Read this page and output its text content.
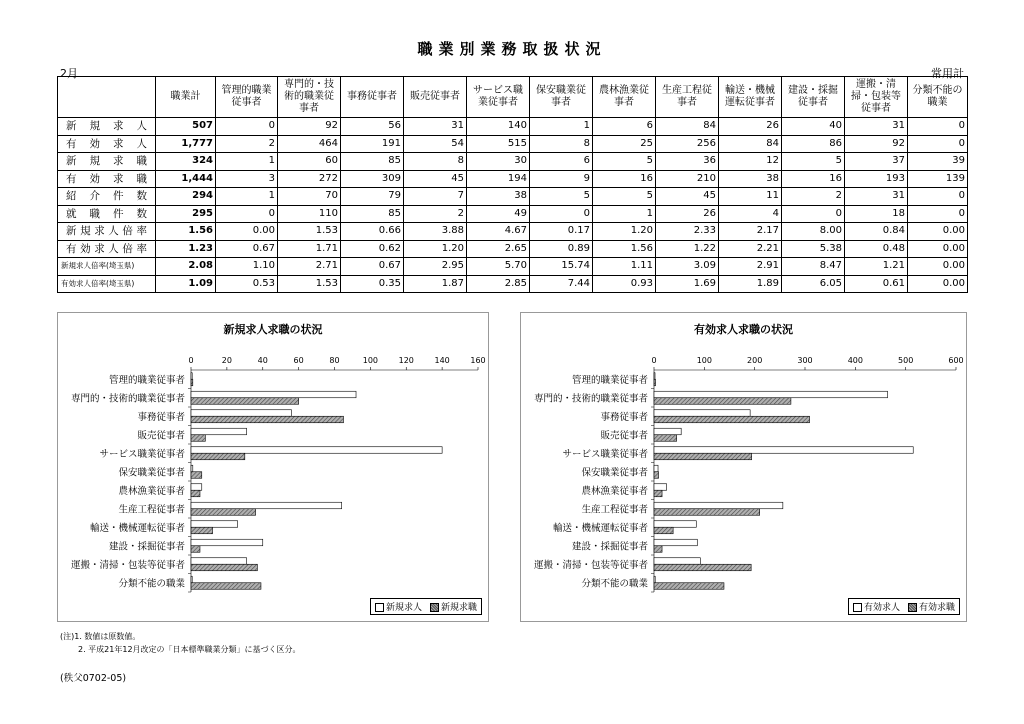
職業別業務取扱状況
2月	常用計
	職業計	管理的職業従事者	専門的・技術的職業従事者	事務従事者	販売従事者	サービス職業従事者	保安職業従事者	農林漁業従事者	生産工程従事者	輸送・機械運転従事者	建設・採掘従事者	運搬・清掃・包装等従事者	分類不能の職業
新規求人	507	0	92	56	31	140	1	6	84	26	40	31	0
有効求人	1,777	2	464	191	54	515	8	25	256	84	86	92	0
新規求職	324	1	60	85	8	30	6	5	36	12	5	37	39
有効求職	1,444	3	272	309	45	194	9	16	210	38	16	193	139
紹介件数	294	1	70	79	7	38	5	5	45	11	2	31	0
就職件数	295	0	110	85	2	49	0	1	26	4	0	18	0
新規求人倍率	1.56	0.00	1.53	0.66	3.88	4.67	0.17	1.20	2.33	2.17	8.00	0.84	0.00
有効求人倍率	1.23	0.67	1.71	0.62	1.20	2.65	0.89	1.56	1.22	2.21	5.38	0.48	0.00
新規求人倍率(埼玉県)	2.08	1.10	2.71	0.67	2.95	5.70	15.74	1.11	3.09	2.91	8.47	1.21	0.00
有効求人倍率(埼玉県)	1.09	0.53	1.53	0.35	1.87	2.85	7.44	0.93	1.69	1.89	6.05	0.61	0.00
新規求人求職の状況
0	20	40	60	80	100	120	140	160
管理的職業従事者
専門的・技術的職業従事者
事務従事者
販売従事者
サービス職業従事者
保安職業従事者
農林漁業従事者
生産工程従事者
輸送・機械運転従事者
建設・採掘従事者
運搬・清掃・包装等従事者
分類不能の職業
新規求人	新規求職
有効求人求職の状況
0	100	200	300	400	500	600
管理的職業従事者
専門的・技術的職業従事者
事務従事者
販売従事者
サービス職業従事者
保安職業従事者
農林漁業従事者
生産工程従事者
輸送・機械運転従事者
建設・採掘従事者
運搬・清掃・包装等従事者
分類不能の職業
有効求人	有効求職
(注)1. 数値は原数値。
2. 平成21年12月改定の「日本標準職業分類」に基づく区分。
(秩父0702-05)
